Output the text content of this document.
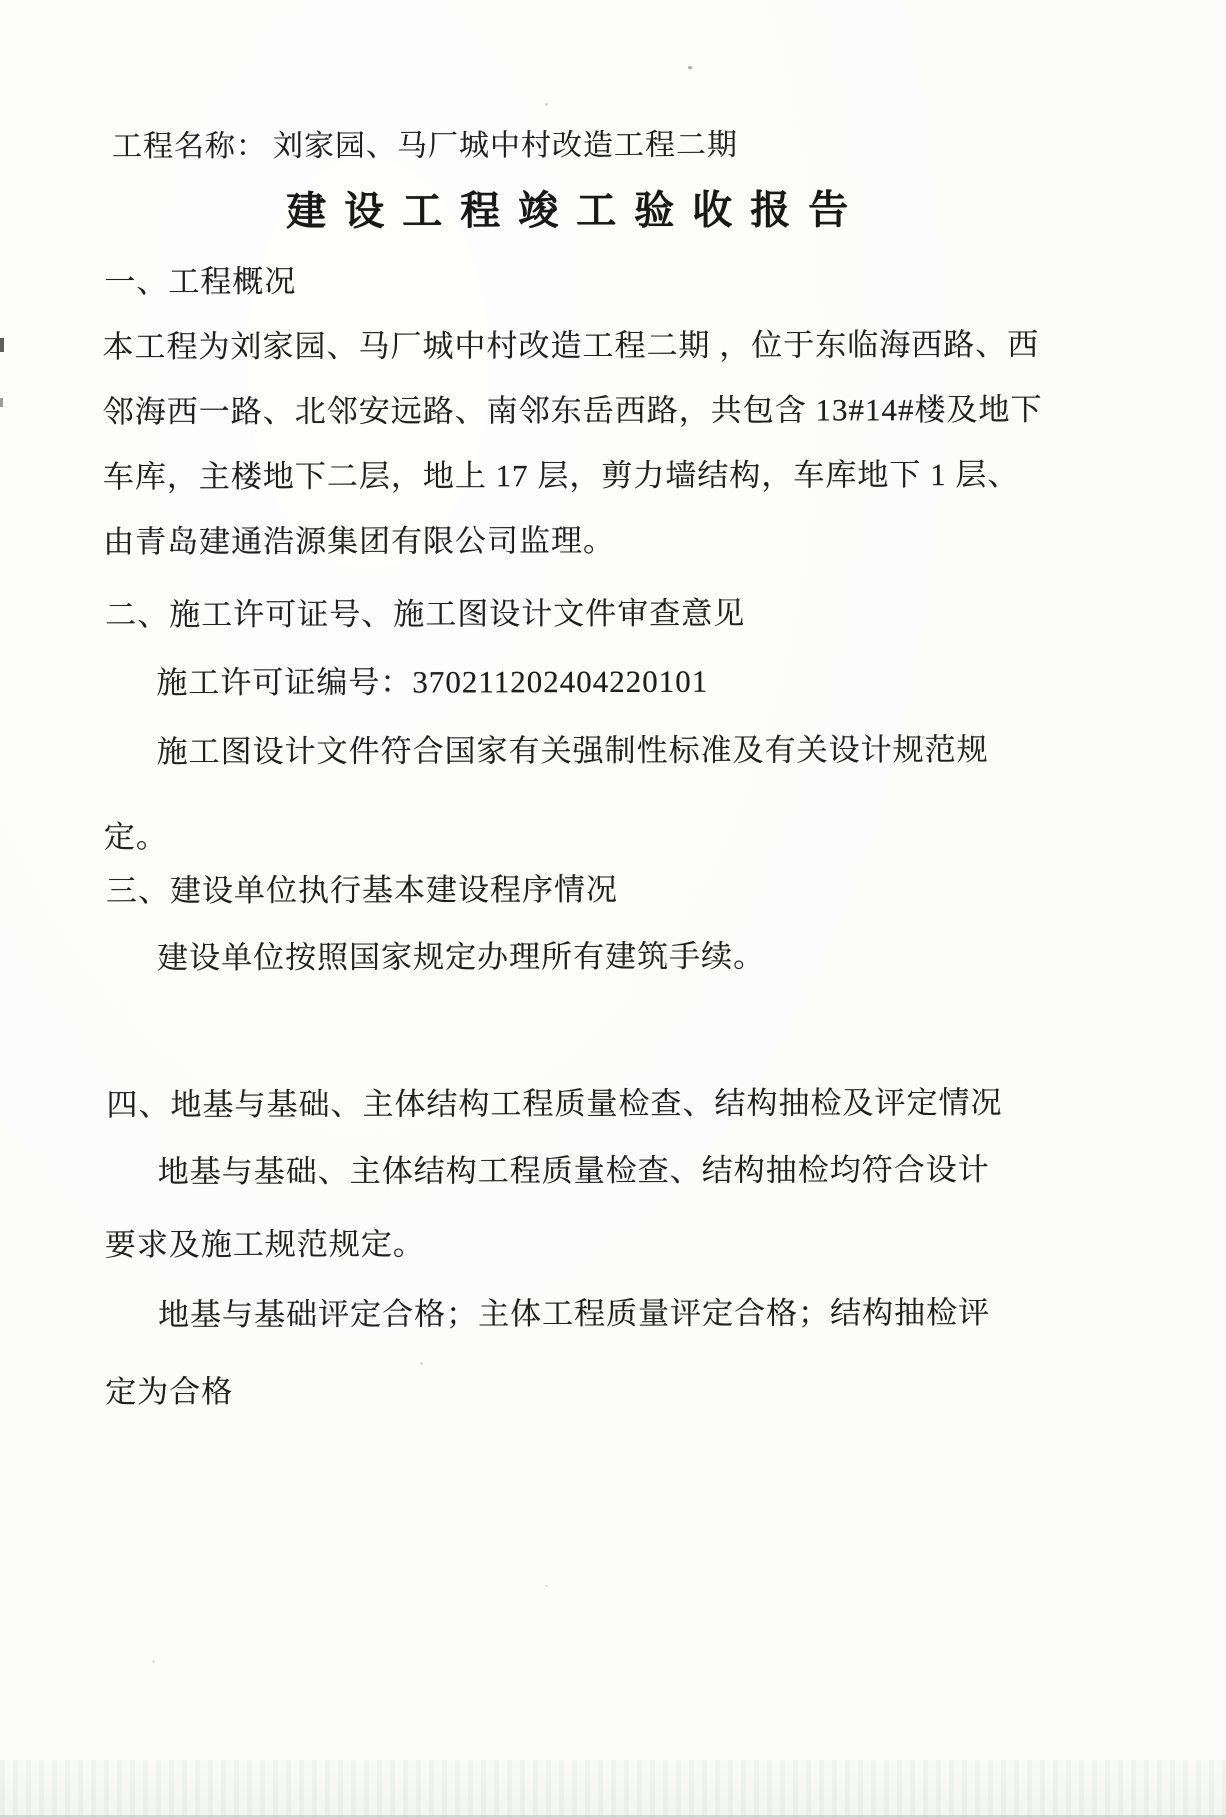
工程名称： 刘家园、马厂城中村改造工程二期
建 设 工 程 竣 工 验 收 报 告
一、工程概况
本工程为刘家园、马厂城中村改造工程二期 ，位于东临海西路、西
邻海西一路、北邻安远路、南邻东岳西路，共包含 13#14#楼及地下
车库，主楼地下二层，地上 17 层，剪力墙结构，车库地下 1 层、
由青岛建通浩源集团有限公司监理。
二、施工许可证号、施工图设计文件审查意见
施工许可证编号：370211202404220101
施工图设计文件符合国家有关强制性标准及有关设计规范规
定。
三、建设单位执行基本建设程序情况
建设单位按照国家规定办理所有建筑手续。
四、地基与基础、主体结构工程质量检查、结构抽检及评定情况
地基与基础、主体结构工程质量检查、结构抽检均符合设计
要求及施工规范规定。
地基与基础评定合格；主体工程质量评定合格；结构抽检评
定为合格
